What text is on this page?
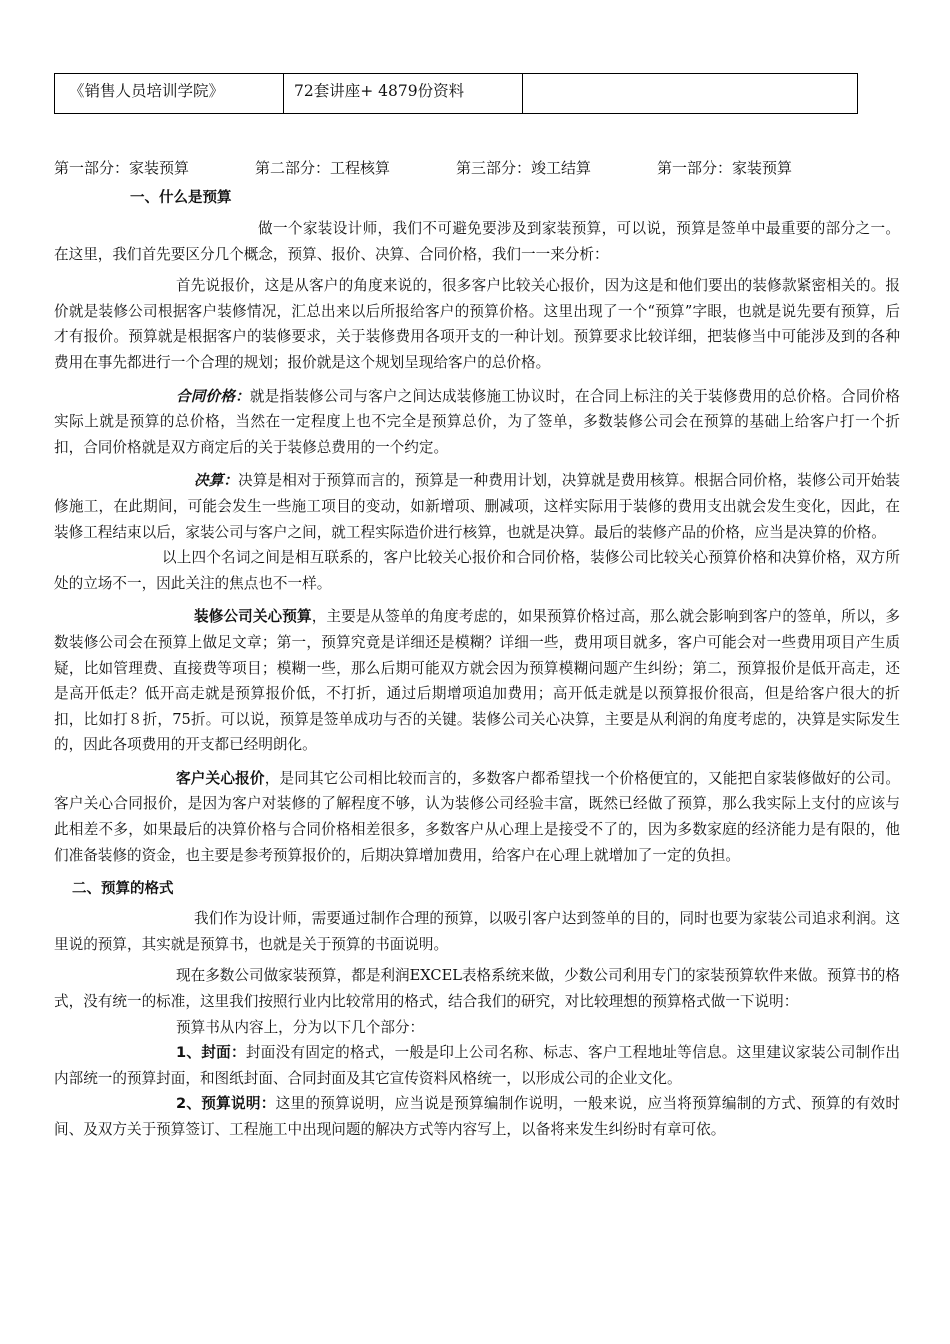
《销售人员培训学院》	72套讲座+ 4879份资料	
第一部分：家装预算	第二部分：工程核算	第三部分：竣工结算	第一部分：家装预算

一、什么是预算

做一个家装设计师，我们不可避免要涉及到家装预算，可以说，预算是签单中最重要的部分之一。在这里，我们首先要区分几个概念，预算、报价、决算、合同价格，我们一一来分析：

首先说报价，这是从客户的角度来说的，很多客户比较关心报价，因为这是和他们要出的装修款紧密相关的。报价就是装修公司根据客户装修情况，汇总出来以后所报给客户的预算价格。这里出现了一个“预算”字眼，也就是说先要有预算，后才有报价。预算就是根据客户的装修要求，关于装修费用各项开支的一种计划。预算要求比较详细，把装修当中可能涉及到的各种费用在事先都进行一个合理的规划；报价就是这个规划呈现给客户的总价格。

合同价格：就是指装修公司与客户之间达成装修施工协议时，在合同上标注的关于装修费用的总价格。合同价格实际上就是预算的总价格，当然在一定程度上也不完全是预算总价，为了签单，多数装修公司会在预算的基础上给客户打一个折扣，合同价格就是双方商定后的关于装修总费用的一个约定。

决算：决算是相对于预算而言的，预算是一种费用计划，决算就是费用核算。根据合同价格，装修公司开始装修施工，在此期间，可能会发生一些施工项目的变动，如新增项、删减项，这样实际用于装修的费用支出就会发生变化，因此，在装修工程结束以后，家装公司与客户之间，就工程实际造价进行核算，也就是决算。最后的装修产品的价格，应当是决算的价格。

以上四个名词之间是相互联系的，客户比较关心报价和合同价格，装修公司比较关心预算价格和决算价格，双方所处的立场不一，因此关注的焦点也不一样。

装修公司关心预算，主要是从签单的角度考虑的，如果预算价格过高，那么就会影响到客户的签单，所以，多数装修公司会在预算上做足文章；第一，预算究竟是详细还是模糊？详细一些，费用项目就多，客户可能会对一些费用项目产生质疑，比如管理费、直接费等项目；模糊一些，那么后期可能双方就会因为预算模糊问题产生纠纷；第二，预算报价是低开高走，还是高开低走？低开高走就是预算报价低，不打折，通过后期增项追加费用；高开低走就是以预算报价很高，但是给客户很大的折扣，比如打８折，75折。可以说，预算是签单成功与否的关键。装修公司关心决算，主要是从利润的角度考虑的，决算是实际发生的，因此各项费用的开支都已经明朗化。

客户关心报价，是同其它公司相比较而言的，多数客户都希望找一个价格便宜的，又能把自家装修做好的公司。客户关心合同报价，是因为客户对装修的了解程度不够，认为装修公司经验丰富，既然已经做了预算，那么我实际上支付的应该与此相差不多，如果最后的决算价格与合同价格相差很多，多数客户从心理上是接受不了的，因为多数家庭的经济能力是有限的，他们准备装修的资金，也主要是参考预算报价的，后期决算增加费用，给客户在心理上就增加了一定的负担。

二、预算的格式

我们作为设计师，需要通过制作合理的预算，以吸引客户达到签单的目的，同时也要为家装公司追求利润。这里说的预算，其实就是预算书，也就是关于预算的书面说明。

现在多数公司做家装预算，都是利润EXCEL表格系统来做，少数公司利用专门的家装预算软件来做。预算书的格式，没有统一的标准，这里我们按照行业内比较常用的格式，结合我们的研究，对比较理想的预算格式做一下说明：

预算书从内容上，分为以下几个部分：

1、封面：封面没有固定的格式，一般是印上公司名称、标志、客户工程地址等信息。这里建议家装公司制作出内部统一的预算封面，和图纸封面、合同封面及其它宣传资料风格统一，以形成公司的企业文化。

2、预算说明：这里的预算说明，应当说是预算编制作说明，一般来说，应当将预算编制的方式、预算的有效时间、及双方关于预算签订、工程施工中出现问题的解决方式等内容写上，以备将来发生纠纷时有章可依。
